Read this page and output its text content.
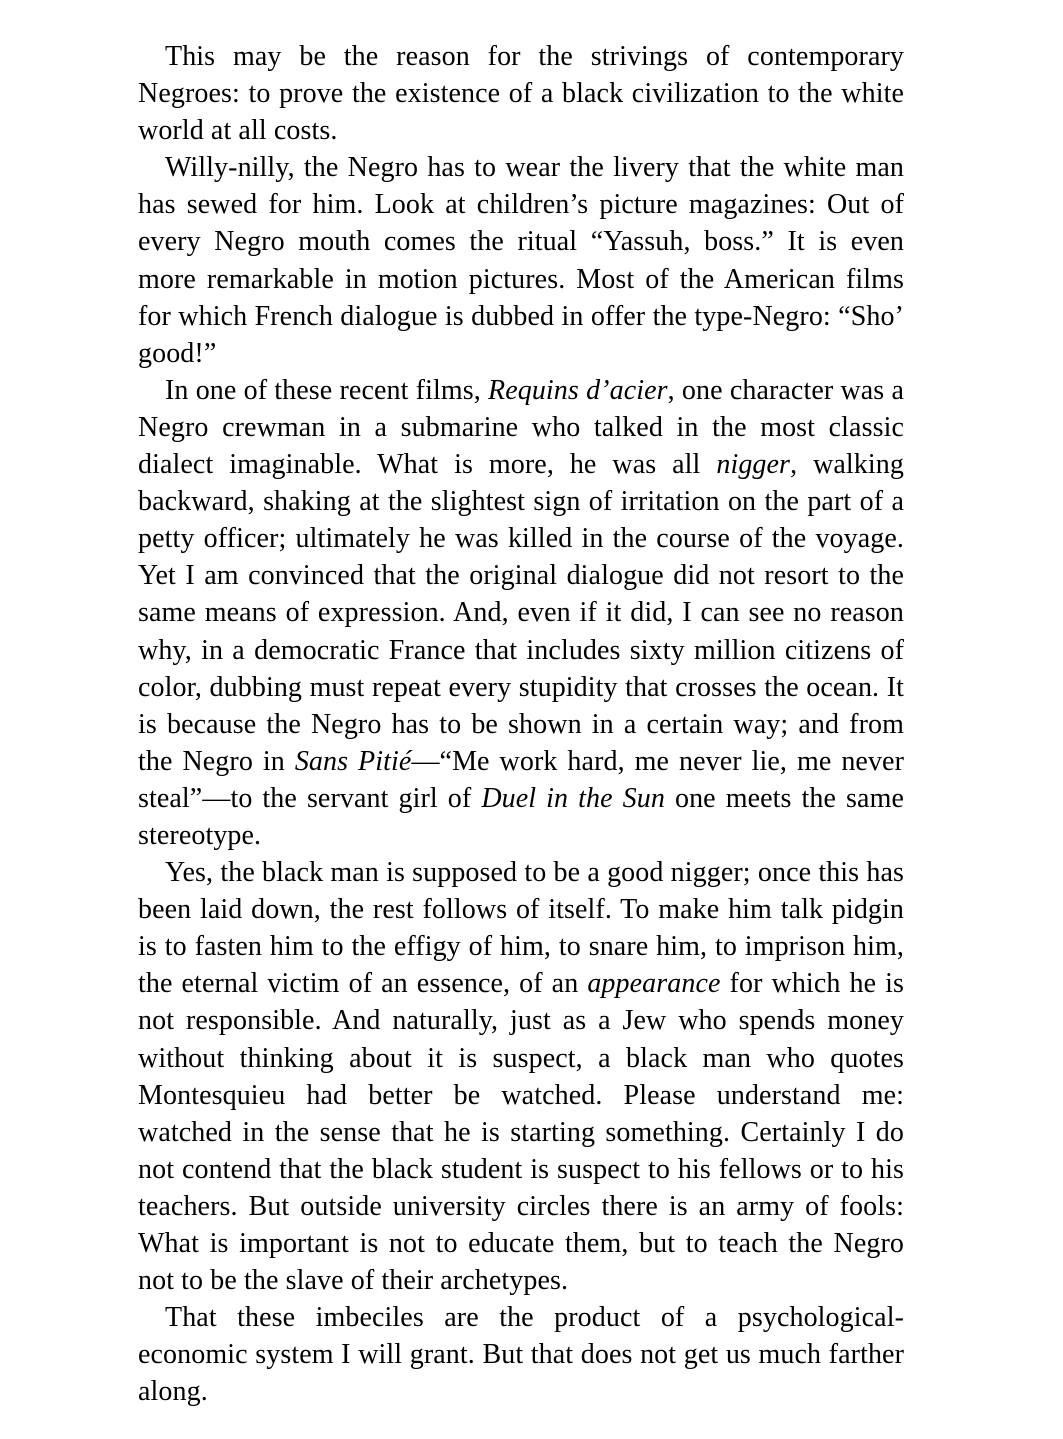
This may be the reason for the strivings of contemporary Negroes: to prove the existence of a black civilization to the white world at all costs.

Willy-nilly, the Negro has to wear the livery that the white man has sewed for him. Look at children’s picture magazines: Out of every Negro mouth comes the ritual “Yassuh, boss.” It is even more remarkable in motion pictures. Most of the American films for which French dialogue is dubbed in offer the type-Negro: “Sho’ good!”

In one of these recent films, Requins d’acier, one character was a Negro crewman in a submarine who talked in the most classic dialect imaginable. What is more, he was all nigger, walking backward, shaking at the slightest sign of irritation on the part of a petty officer; ultimately he was killed in the course of the voyage. Yet I am convinced that the original dialogue did not resort to the same means of expression. And, even if it did, I can see no reason why, in a democratic France that includes sixty million citizens of color, dubbing must repeat every stupidity that crosses the ocean. It is because the Negro has to be shown in a certain way; and from the Negro in Sans Pitié—“Me work hard, me never lie, me never steal”—to the servant girl of Duel in the Sun one meets the same stereotype.

Yes, the black man is supposed to be a good nigger; once this has been laid down, the rest follows of itself. To make him talk pidgin is to fasten him to the effigy of him, to snare him, to imprison him, the eternal victim of an essence, of an appearance for which he is not responsible. And naturally, just as a Jew who spends money without thinking about it is suspect, a black man who quotes Montesquieu had better be watched. Please understand me: watched in the sense that he is starting something. Certainly I do not contend that the black student is suspect to his fellows or to his teachers. But outside university circles there is an army of fools: What is important is not to educate them, but to teach the Negro not to be the slave of their archetypes.

That these imbeciles are the product of a psychological-economic system I will grant. But that does not get us much farther along.
